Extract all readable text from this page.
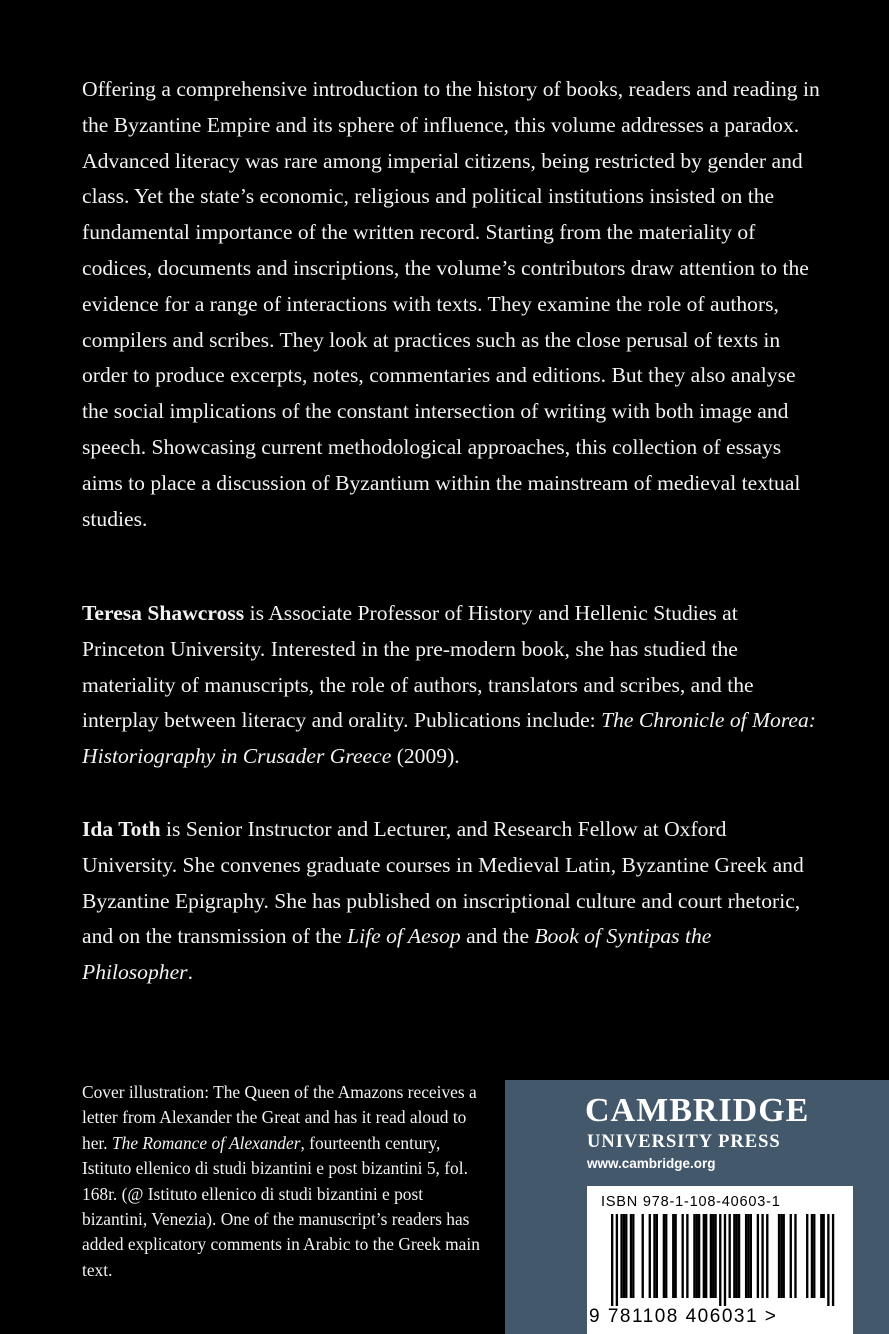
Offering a comprehensive introduction to the history of books, readers and reading in the Byzantine Empire and its sphere of influence, this volume addresses a paradox. Advanced literacy was rare among imperial citizens, being restricted by gender and class. Yet the state’s economic, religious and political institutions insisted on the fundamental importance of the written record. Starting from the materiality of codices, documents and inscriptions, the volume’s contributors draw attention to the evidence for a range of interactions with texts. They examine the role of authors, compilers and scribes. They look at practices such as the close perusal of texts in order to produce excerpts, notes, commentaries and editions. But they also analyse the social implications of the constant intersection of writing with both image and speech. Showcasing current methodological approaches, this collection of essays aims to place a discussion of Byzantium within the mainstream of medieval textual studies.

Teresa Shawcross is Associate Professor of History and Hellenic Studies at Princeton University. Interested in the pre-modern book, she has studied the materiality of manuscripts, the role of authors, translators and scribes, and the interplay between literacy and orality. Publications include: The Chronicle of Morea: Historiography in Crusader Greece (2009).

Ida Toth is Senior Instructor and Lecturer, and Research Fellow at Oxford University. She convenes graduate courses in Medieval Latin, Byzantine Greek and Byzantine Epigraphy. She has published on inscriptional culture and court rhetoric, and on the transmission of the Life of Aesop and the Book of Syntipas the Philosopher.

Cover illustration: The Queen of the Amazons receives a letter from Alexander the Great and has it read aloud to her. The Romance of Alexander, fourteenth century, Istituto ellenico di studi bizantini e post bizantini 5, fol. 168r. (@ Istituto ellenico di studi bizantini e post bizantini, Venezia). One of the manuscript’s readers has added explicatory comments in Arabic to the Greek main text.

CAMBRIDGE
UNIVERSITY PRESS
www.cambridge.org
ISBN 978-1-108-40603-1
9 781108 406031 >
